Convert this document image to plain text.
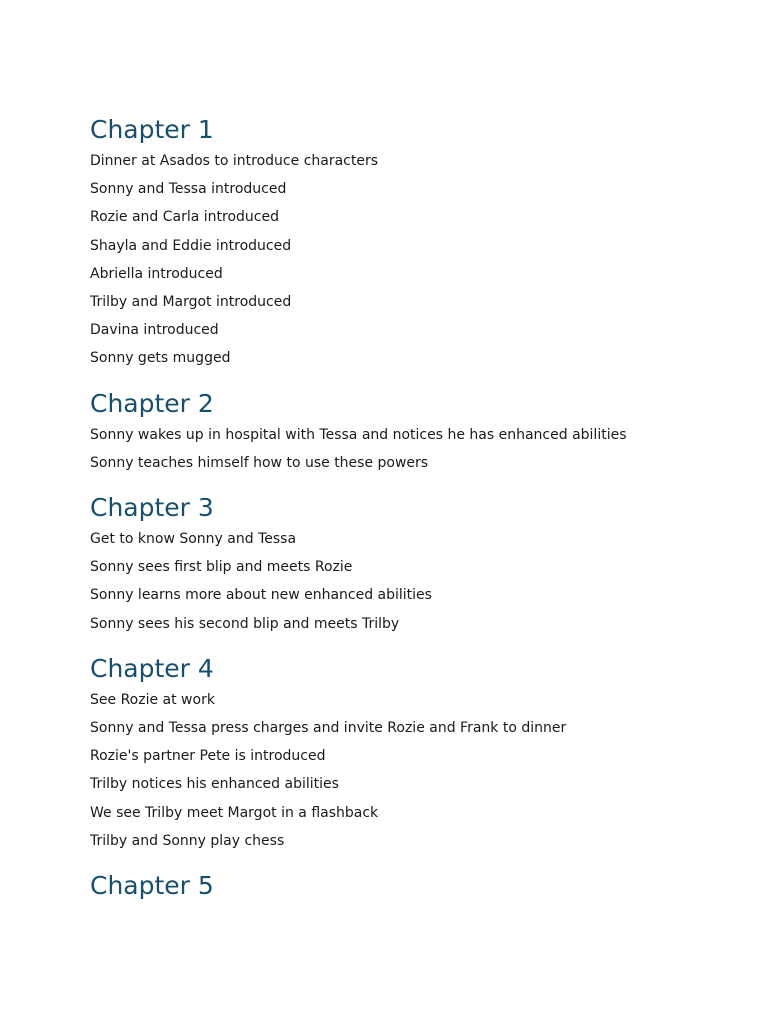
Chapter 1

Dinner at Asados to introduce characters

Sonny and Tessa introduced

Rozie and Carla introduced

Shayla and Eddie introduced

Abriella introduced

Trilby and Margot introduced

Davina introduced

Sonny gets mugged

Chapter 2

Sonny wakes up in hospital with Tessa and notices he has enhanced abilities

Sonny teaches himself how to use these powers

Chapter 3

Get to know Sonny and Tessa

Sonny sees first blip and meets Rozie

Sonny learns more about new enhanced abilities

Sonny sees his second blip and meets Trilby

Chapter 4

See Rozie at work

Sonny and Tessa press charges and invite Rozie and Frank to dinner

Rozie's partner Pete is introduced

Trilby notices his enhanced abilities

We see Trilby meet Margot in a flashback

Trilby and Sonny play chess

Chapter 5
